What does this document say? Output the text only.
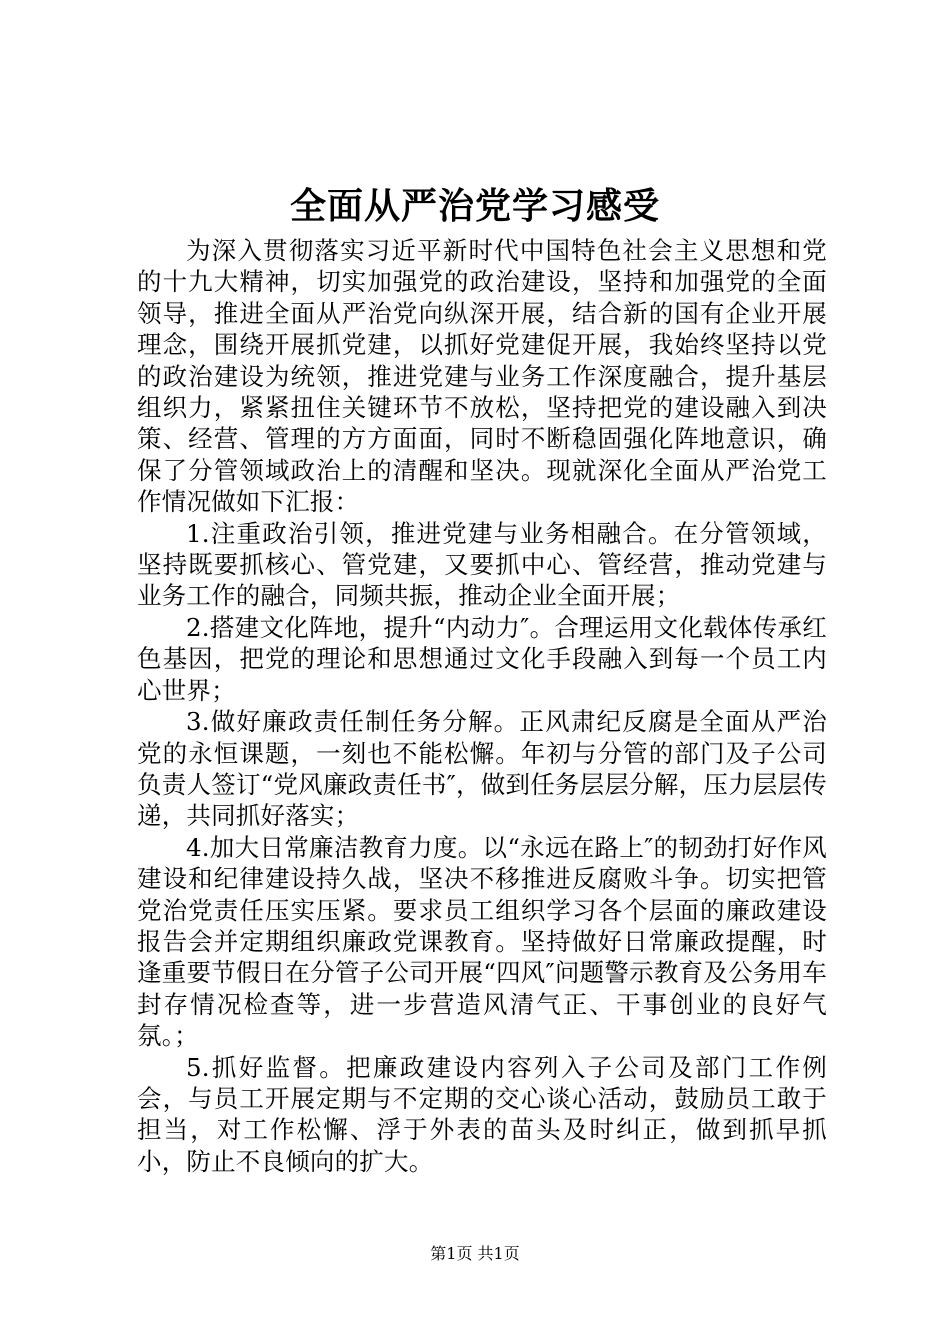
全面从严治党学习感受

为深入贯彻落实习近平新时代中国特色社会主义思想和党的十九大精神，切实加强党的政治建设，坚持和加强党的全面领导，推进全面从严治党向纵深开展，结合新的国有企业开展理念，围绕开展抓党建，以抓好党建促开展，我始终坚持以党的政治建设为统领，推进党建与业务工作深度融合，提升基层组织力，紧紧扭住关键环节不放松，坚持把党的建设融入到决策、经营、管理的方方面面，同时不断稳固强化阵地意识，确保了分管领域政治上的清醒和坚决。现就深化全面从严治党工作情况做如下汇报：

1.注重政治引领，推进党建与业务相融合。在分管领域，坚持既要抓核心、管党建，又要抓中心、管经营，推动党建与业务工作的融合，同频共振，推动企业全面开展；

2.搭建文化阵地，提升“内动力″。合理运用文化载体传承红色基因，把党的理论和思想通过文化手段融入到每一个员工内心世界；

3.做好廉政责任制任务分解。正风肃纪反腐是全面从严治党的永恒课题，一刻也不能松懈。年初与分管的部门及子公司负责人签订“党风廉政责任书″，做到任务层层分解，压力层层传递，共同抓好落实；

4.加大日常廉洁教育力度。以“永远在路上″的韧劲打好作风建设和纪律建设持久战，坚决不移推进反腐败斗争。切实把管党治党责任压实压紧。要求员工组织学习各个层面的廉政建设报告会并定期组织廉政党课教育。坚持做好日常廉政提醒，时逢重要节假日在分管子公司开展“四风″问题警示教育及公务用车封存情况检查等，进一步营造风清气正、干事创业的良好气氛。；

5.抓好监督。把廉政建设内容列入子公司及部门工作例会，与员工开展定期与不定期的交心谈心活动，鼓励员工敢于担当，对工作松懈、浮于外表的苗头及时纠正，做到抓早抓小，防止不良倾向的扩大。

第1页 共1页
